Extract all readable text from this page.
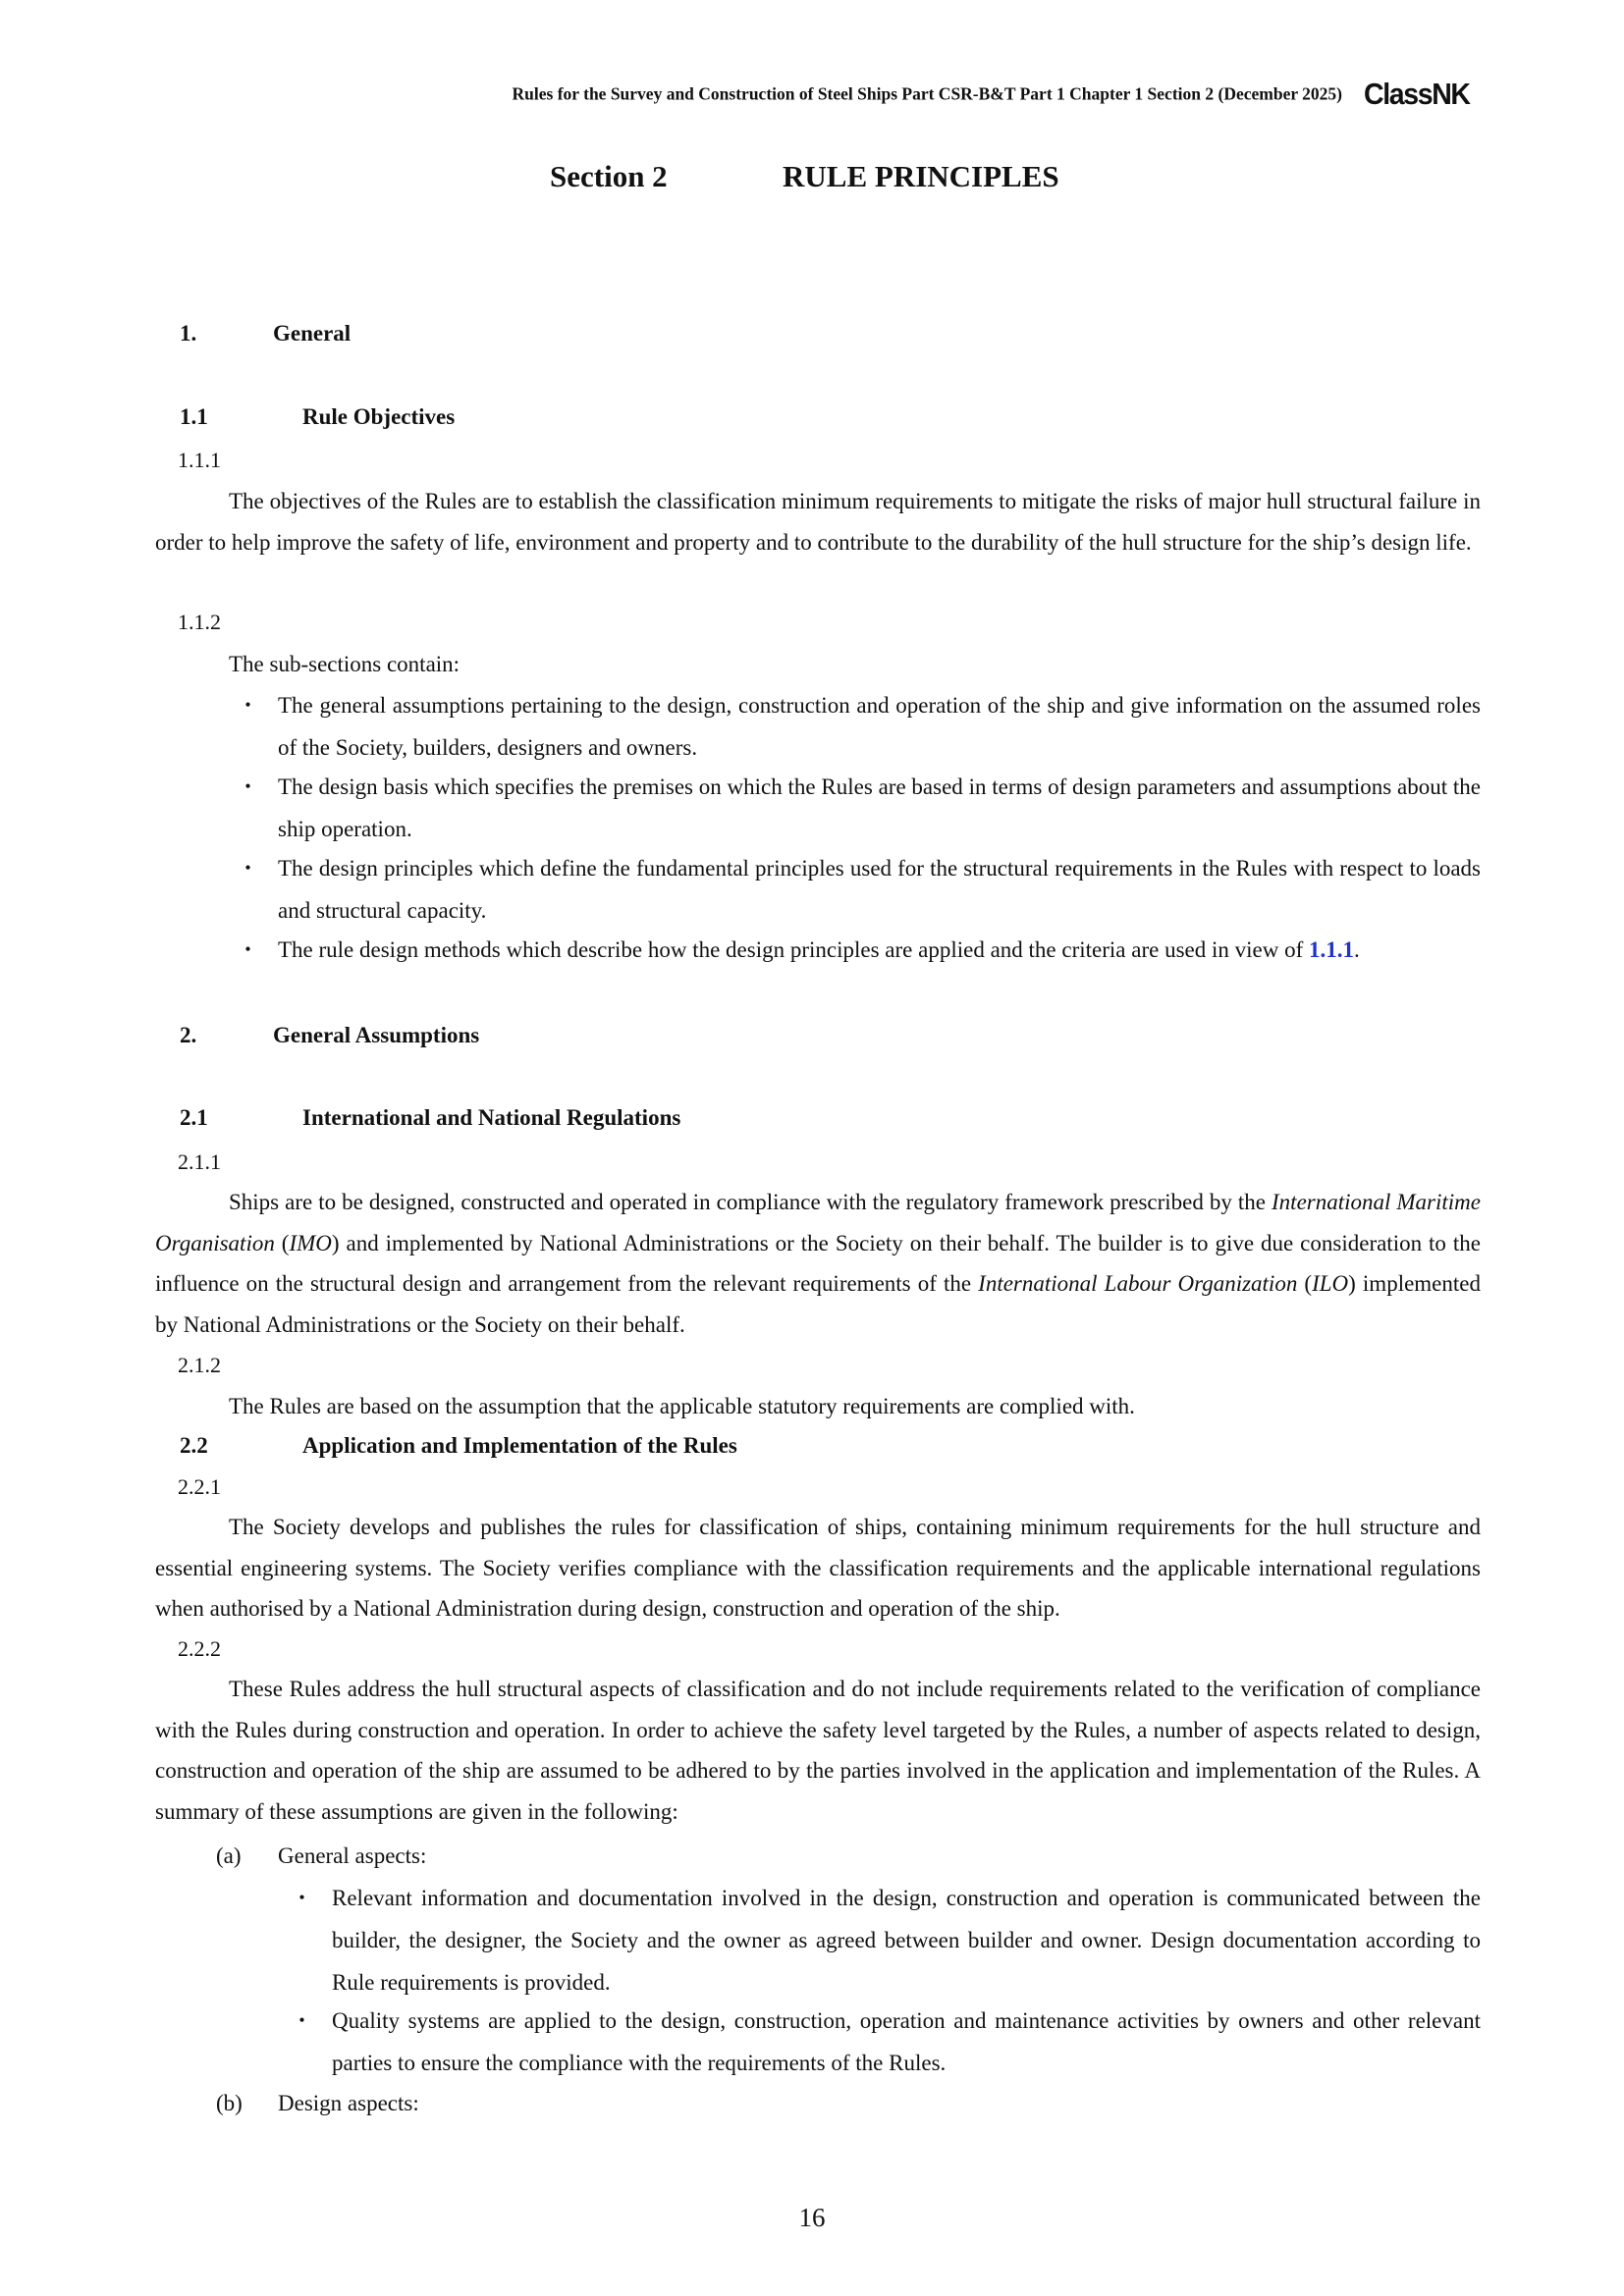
Rules for the Survey and Construction of Steel Ships Part CSR-B&T Part 1 Chapter 1 Section 2 (December 2025) ClassNK
Section 2	RULE PRINCIPLES
1.	General
1.1	Rule Objectives
1.1.1
The objectives of the Rules are to establish the classification minimum requirements to mitigate the risks of major hull structural failure in order to help improve the safety of life, environment and property and to contribute to the durability of the hull structure for the ship’s design life.
1.1.2
The sub-sections contain:
・ The general assumptions pertaining to the design, construction and operation of the ship and give information on the assumed roles of the Society, builders, designers and owners.
・ The design basis which specifies the premises on which the Rules are based in terms of design parameters and assumptions about the ship operation.
・ The design principles which define the fundamental principles used for the structural requirements in the Rules with respect to loads and structural capacity.
・ The rule design methods which describe how the design principles are applied and the criteria are used in view of 1.1.1.
2.	General Assumptions
2.1	International and National Regulations
2.1.1
Ships are to be designed, constructed and operated in compliance with the regulatory framework prescribed by the International Maritime Organisation (IMO) and implemented by National Administrations or the Society on their behalf. The builder is to give due consideration to the influence on the structural design and arrangement from the relevant requirements of the International Labour Organization (ILO) implemented by National Administrations or the Society on their behalf.
2.1.2
The Rules are based on the assumption that the applicable statutory requirements are complied with.
2.2	Application and Implementation of the Rules
2.2.1
The Society develops and publishes the rules for classification of ships, containing minimum requirements for the hull structure and essential engineering systems. The Society verifies compliance with the classification requirements and the applicable international regulations when authorised by a National Administration during design, construction and operation of the ship.
2.2.2
These Rules address the hull structural aspects of classification and do not include requirements related to the verification of compliance with the Rules during construction and operation. In order to achieve the safety level targeted by the Rules, a number of aspects related to design, construction and operation of the ship are assumed to be adhered to by the parties involved in the application and implementation of the Rules. A summary of these assumptions are given in the following:
(a) General aspects:
・ Relevant information and documentation involved in the design, construction and operation is communicated between the builder, the designer, the Society and the owner as agreed between builder and owner. Design documentation according to Rule requirements is provided.
・ Quality systems are applied to the design, construction, operation and maintenance activities by owners and other relevant parties to ensure the compliance with the requirements of the Rules.
(b) Design aspects:
16
